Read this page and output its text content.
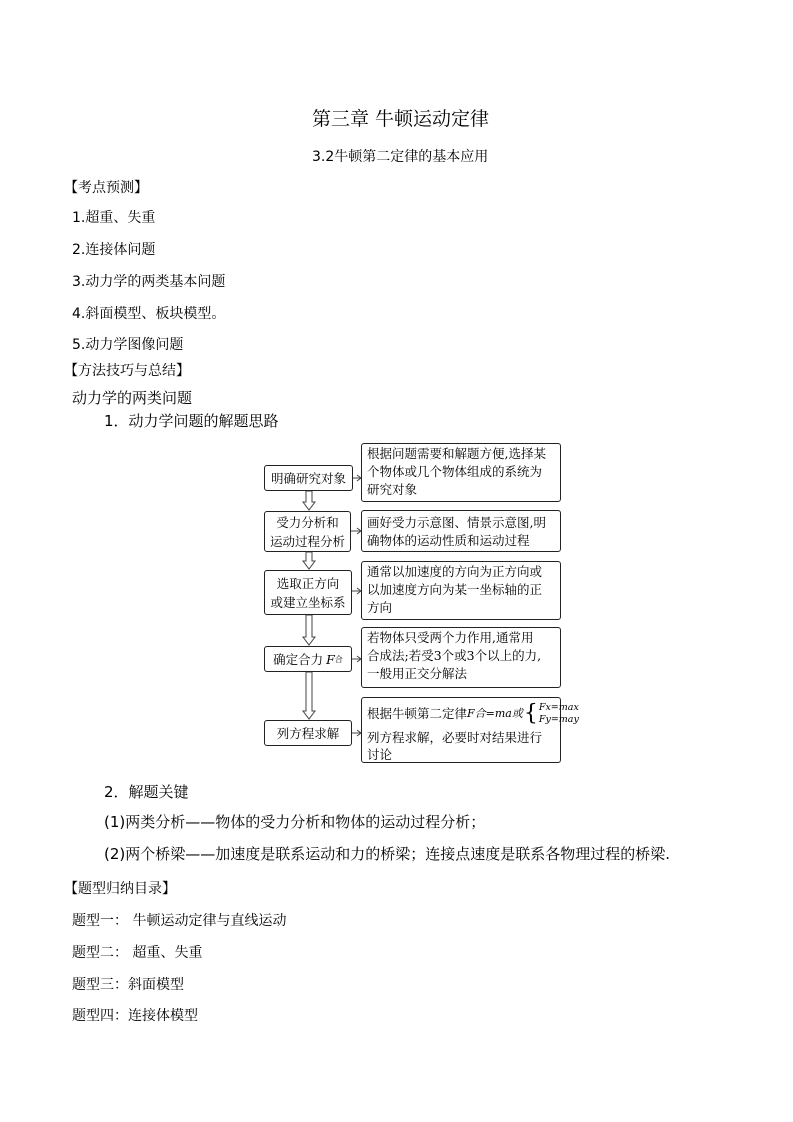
第三章 牛顿运动定律
3.2牛顿第二定律的基本应用
【考点预测】
1.超重、失重
2.连接体问题
3.动力学的两类基本问题
4.斜面模型、板块模型。
5.动力学图像问题
【方法技巧与总结】
动力学的两类问题
1．动力学问题的解题思路
明确研究对象
受力分析和
运动过程分析
选取正方向
或建立坐标系
确定合力 F 合
列方程求解
根据问题需要和解题方便,选择某
个物体或几个物体组成的系统为
研究对象
画好受力示意图、情景示意图,明
确物体的运动性质和运动过程
通常以加速度的方向为正方向或
以加速度方向为某一坐标轴的正
方向
若物体只受两个力作用,通常用
合成法;若受3个或3个以上的力,
一般用正交分解法
根据牛顿第二定律 F合=ma或 { Fx=max
Fy=may
列方程求解，必要时对结果进行
讨论
2．解题关键
(1)两类分析——物体的受力分析和物体的运动过程分析；
(2)两个桥梁——加速度是联系运动和力的桥梁；连接点速度是联系各物理过程的桥梁.
【题型归纳目录】
题型一： 牛顿运动定律与直线运动
题型二： 超重、失重
题型三：斜面模型
题型四：连接体模型
